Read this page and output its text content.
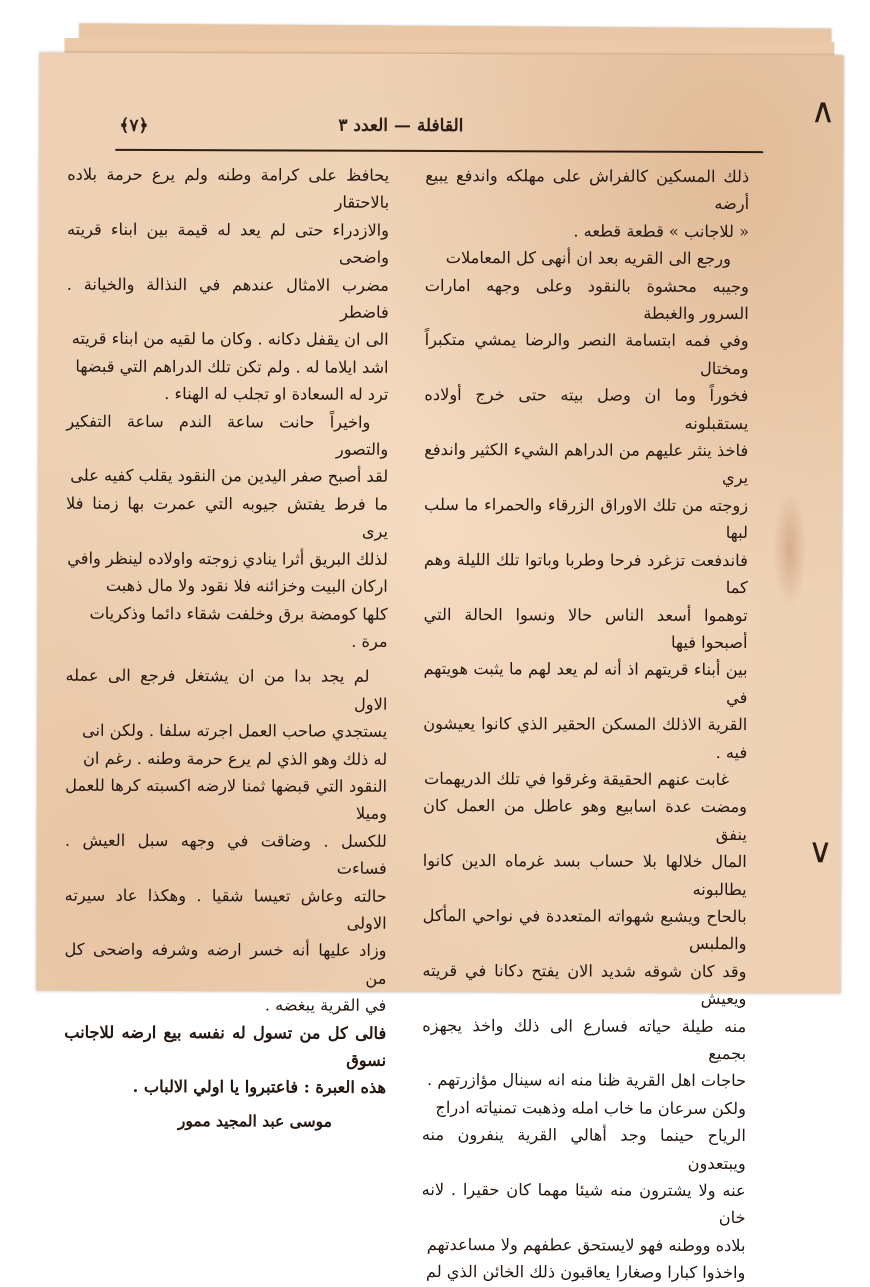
∧
∨
القافلة — العدد ٣
﴿٧﴾
ذلك المسكين كالفراش على مهلكه واندفع يبيع أرضه
« للاجانب » قطعة قطعه .
ورجع الى القريه بعد ان أنهى كل المعاملات
وجيبه محشوة بالنقود وعلى وجهه امارات السرور والغبطة
وفي فمه ابتسامة النصر والرضا يمشي متكبراً ومختال
فخوراً وما ان وصل بيته حتى خرج أولاده يستقبلونه
فاخذ ينثر عليهم من الدراهم الشيء الكثير واندفع يري
زوجته من تلك الاوراق الزرقاء والحمراء ما سلب لبها
فاندفعت تزغرد فرحا وطربا وباتوا تلك الليلة وهم كما
توهموا أسعد الناس حالا ونسوا الحالة التي أصبحوا فيها
بين أبناء قريتهم اذ أنه لم يعد لهم ما يثبت هويتهم في
القرية الاذلك المسكن الحقير الذي كانوا يعيشون فيه .
غابت عنهم الحقيقة وغرقوا في تلك الدريهمات
ومضت عدة اسابيع وهو عاطل من العمل كان ينفق
المال خلالها بلا حساب بسد غرماه الدين كانوا يطالبونه
بالحاح ويشبع شهواته المتعددة في نواحي المأكل والملبس
وقد كان شوقه شديد الان يفتح دكانا في قريته ويعيش
منه طيلة حياته فسارع الى ذلك واخذ يجهزه بجميع
حاجات اهل القرية ظنا منه انه سينال مؤازرتهم .
ولكن سرعان ما خاب امله وذهبت تمنياته ادراج
الرياح حينما وجد أهالي القرية ينفرون منه ويبتعدون
عنه ولا يشترون منه شيئا مهما كان حقيرا . لانه خان
بلاده ووطنه فهو لايستحق عطفهم ولا مساعدتهم
واخذوا كبارا وصغارا يعاقبون ذلك الخائن الذي لم
يحافظ على كرامة وطنه ولم يرع حرمة بلاده بالاحتقار
والازدراء حتى لم يعد له قيمة بين ابناء قريته واضحى
مضرب الامثال عندهم في النذالة والخيانة . فاضطر
الى ان يقفل دكانه . وكان ما لقيه من ابناء قريته
اشد ايلاما له . ولم تكن تلك الدراهم التي قبضها
ترد له السعادة او تجلب له الهناء .
واخيراً حانت ساعة الندم ساعة التفكير والتصور
لقد أصبح صفر اليدين من النقود يقلب كفيه على
ما فرط يفتش جيوبه التي عمرت بها زمنا فلا يرى
لذلك البريق أثرا ينادي زوجته واولاده لينظر وافي
اركان البيت وخزائنه فلا نقود ولا مال ذهبت
كلها كومضة برق وخلفت شقاء دائما وذكريات
مرة .
لم يجد بدا من ان يشتغل فرجع الى عمله الاول
يستجدي صاحب العمل اجرته سلفا . ولكن انى
له ذلك وهو الذي لم يرع حرمة وطنه . رغم ان
النقود التي قبضها ثمنا لارضه اكسبته كرها للعمل وميلا
للكسل . وضاقت في وجهه سبل العيش . فساءت
حالته وعاش تعيسا شقيا . وهكذا عاد سيرته الاولى
وزاد عليها أنه خسر ارضه وشرفه واضحى كل من
في القرية يبغضه .
فالى كل من تسول له نفسه بيع ارضه للاجانب نسوق
هذه العبرة : فاعتبروا يا اولي الالباب .
موسى عبد المجيد ممور
